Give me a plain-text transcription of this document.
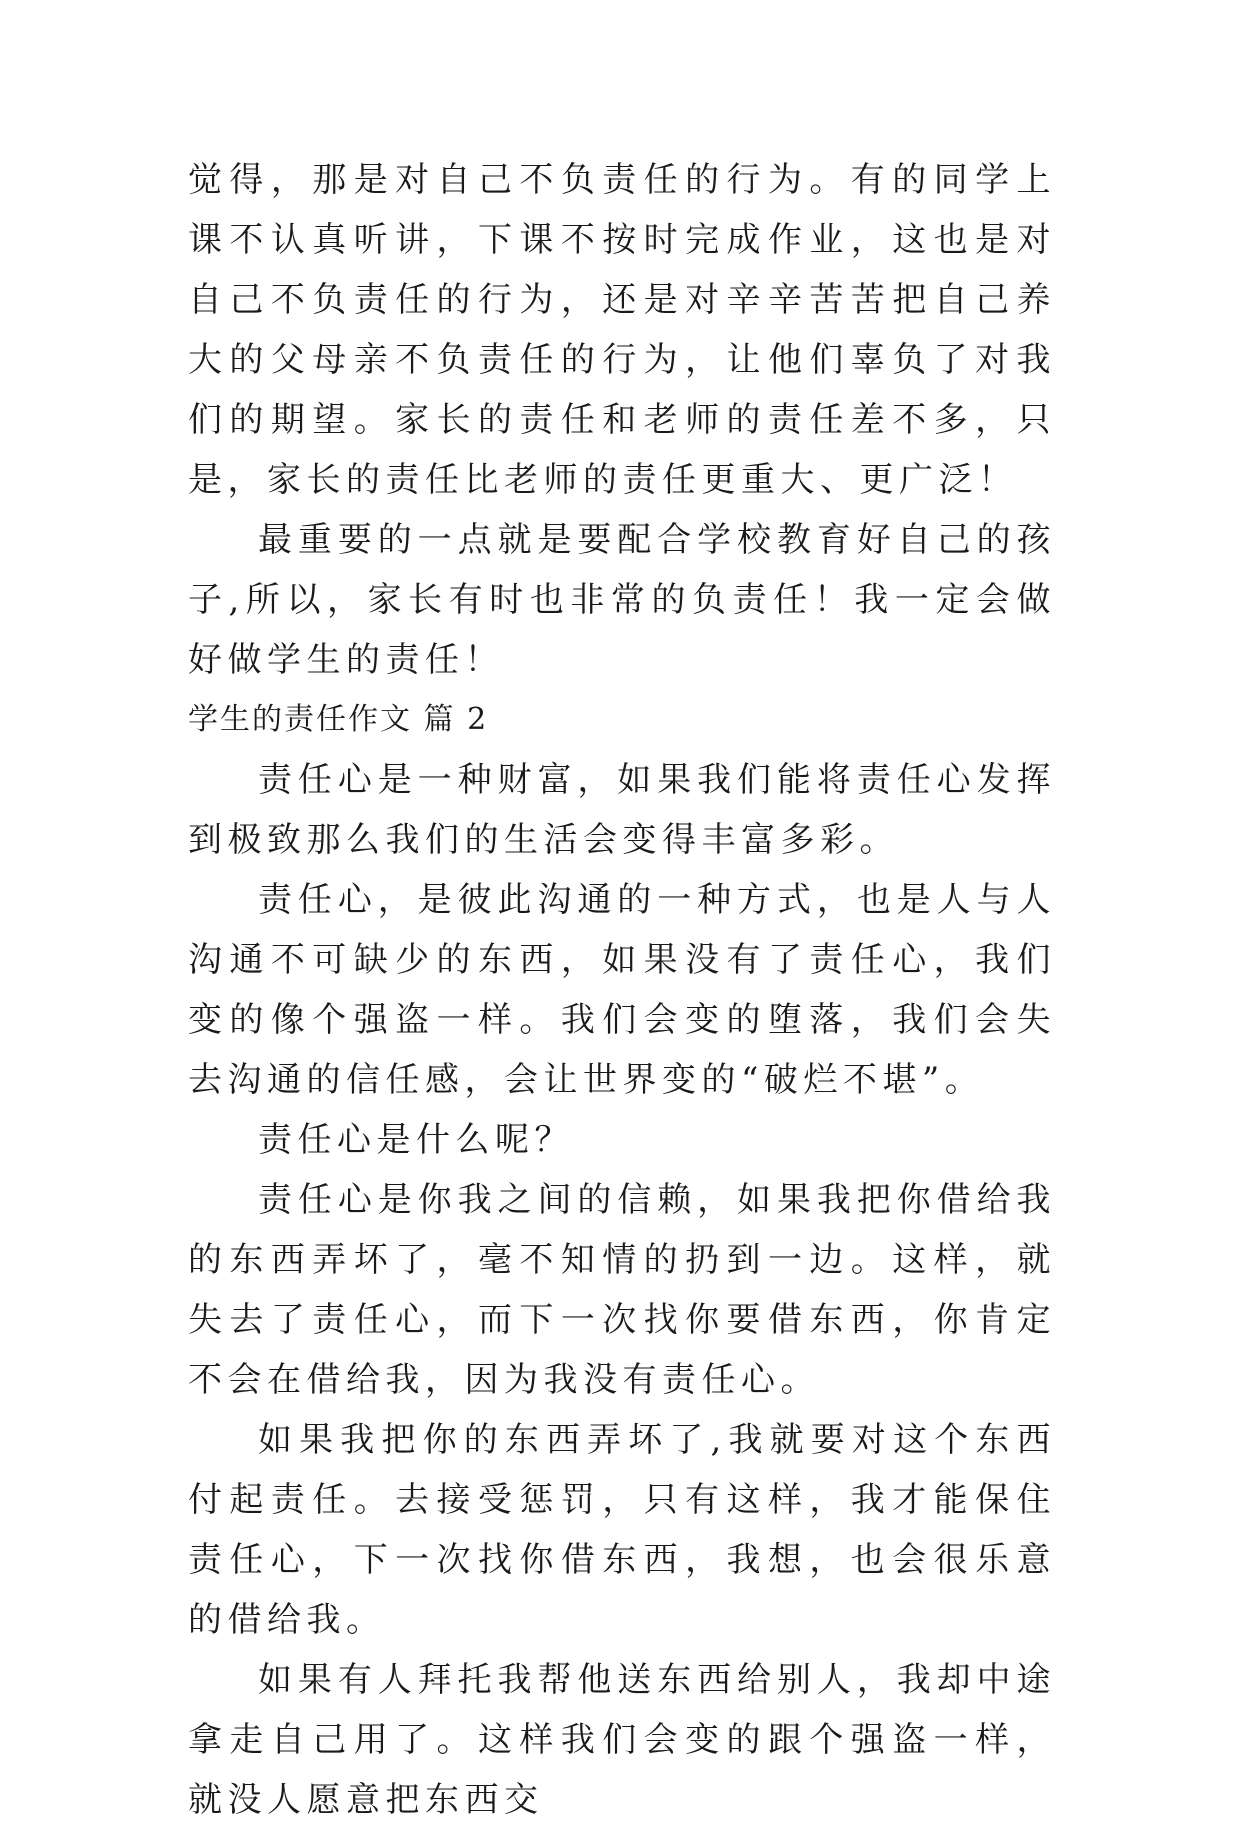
觉得，那是对自己不负责任的行为。有的同学上课不认真听讲，下课不按时完成作业，这也是对自己不负责任的行为，还是对辛辛苦苦把自己养大的父母亲不负责任的行为，让他们辜负了对我们的期望。家长的责任和老师的责任差不多，只是，家长的责任比老师的责任更重大、更广泛！

最重要的一点就是要配合学校教育好自己的孩子,所以，家长有时也非常的负责任！我一定会做好做学生的责任！

学生的责任作文 篇 2

责任心是一种财富，如果我们能将责任心发挥到极致那么我们的生活会变得丰富多彩。

责任心，是彼此沟通的一种方式，也是人与人沟通不可缺少的东西，如果没有了责任心，我们变的像个强盗一样。我们会变的堕落，我们会失去沟通的信任感，会让世界变的“破烂不堪”。

责任心是什么呢？

责任心是你我之间的信赖，如果我把你借给我的东西弄坏了，毫不知情的扔到一边。这样，就失去了责任心，而下一次找你要借东西，你肯定不会在借给我，因为我没有责任心。

如果我把你的东西弄坏了,我就要对这个东西付起责任。去接受惩罚，只有这样，我才能保住责任心，下一次找你借东西，我想，也会很乐意的借给我。

如果有人拜托我帮他送东西给别人，我却中途拿走自己用了。这样我们会变的跟个强盗一样，就没人愿意把东西交
